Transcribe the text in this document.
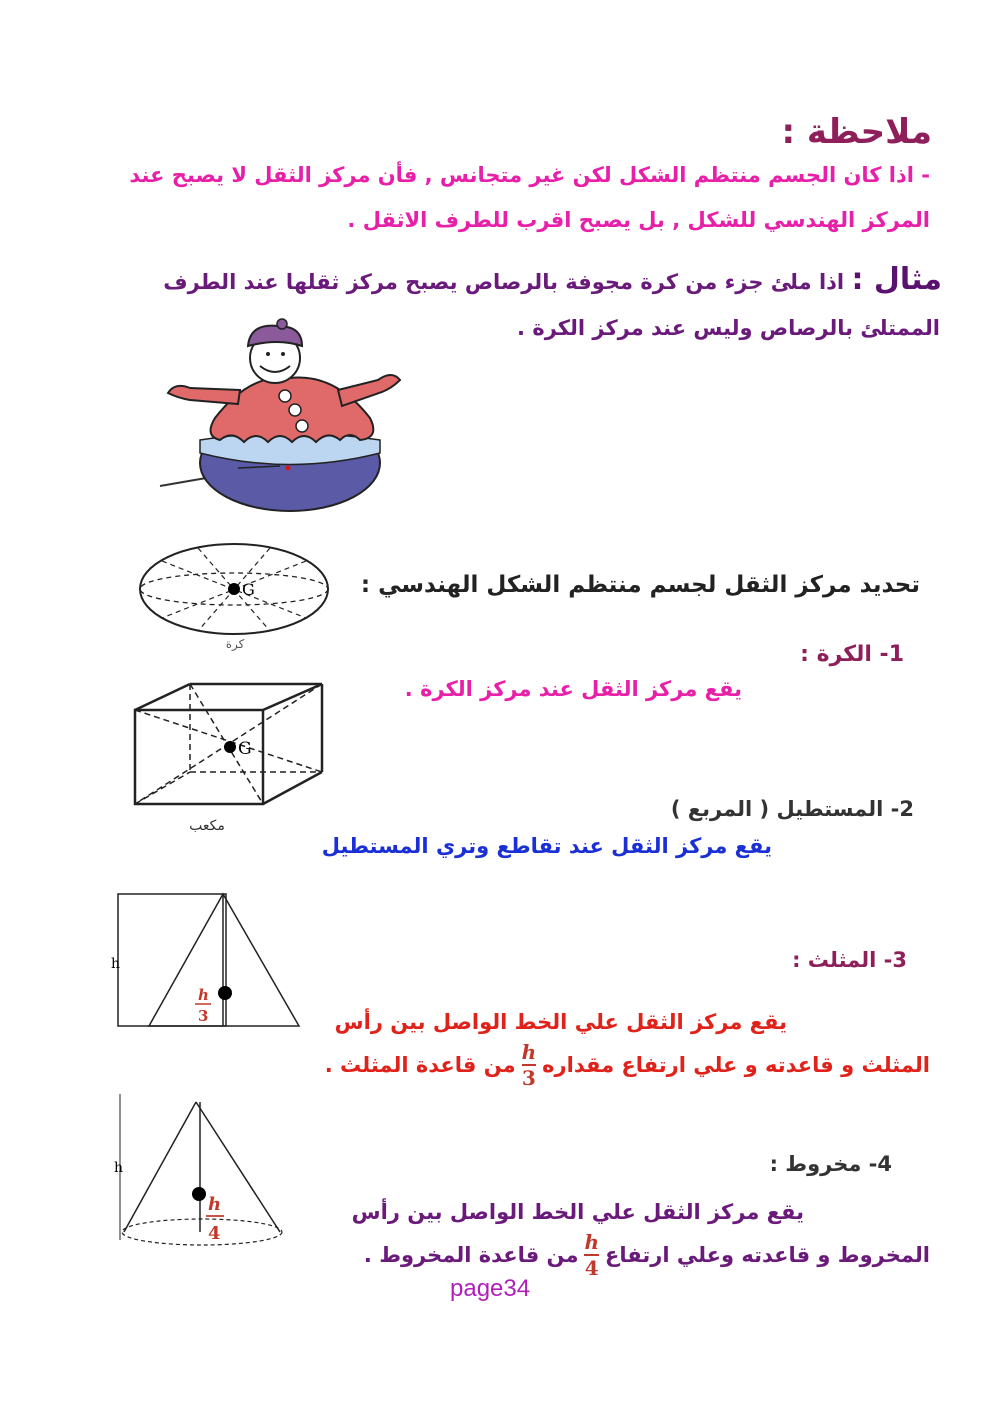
ملاحظة :
- اذا كان الجسم منتظم الشكل لكن غير متجانس , فأن مركز الثقل لا يصبح عند
المركز الهندسي للشكل , بل يصبح اقرب للطرف الاثقل .
مثال : اذا ملئ جزء من كرة مجوفة بالرصاص يصبح مركز ثقلها عند الطرف
الممتلئ بالرصاص وليس عند مركز الكرة .
تحديد مركز الثقل لجسم منتظم الشكل الهندسي :
G
كرة	1- الكرة :
يقع مركز الثقل عند مركز الكرة .
G
مكعب
2- المستطيل ( المربع )
يقع مركز الثقل عند تقاطع وتري المستطيل
h
h
3
3- المثلث :
يقع مركز الثقل علي الخط الواصل بين رأس
المثلث و قاعدته و علي ارتفاع مقداره
$\frac{h}{3}$
من قاعدة المثلث .
h
h
4
4- مخروط :
يقع مركز الثقل علي الخط الواصل بين رأس
المخروط و قاعدته وعلي ارتفاع
$\frac{h}{4}$
من قاعدة المخروط .
page34
